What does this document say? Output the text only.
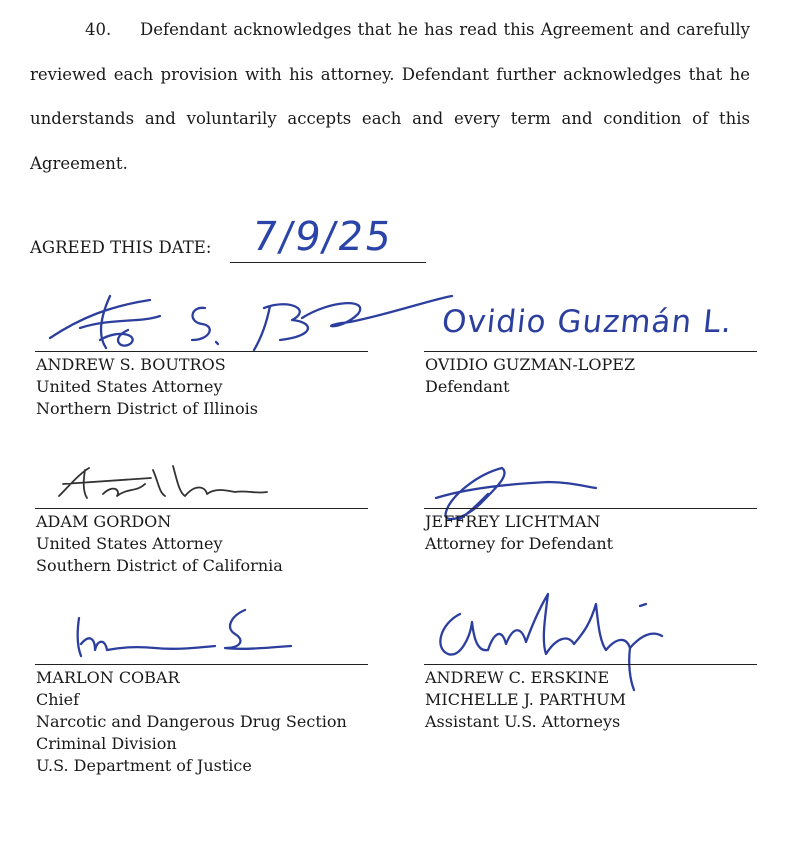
40. Defendant acknowledges that he has read this Agreement and carefully reviewed each provision with his attorney. Defendant further acknowledges that he understands and voluntarily accepts each and every term and condition of this Agreement.

AGREED THIS DATE: 7/9/25
ANDREW S. BOUTROS
United States Attorney
Northern District of Illinois
Ovidio Guzmán L.
OVIDIO GUZMAN-LOPEZ
Defendant
ADAM GORDON
United States Attorney
Southern District of California
JEFFREY LICHTMAN
Attorney for Defendant
MARLON COBAR
Chief
Narcotic and Dangerous Drug Section
Criminal Division
U.S. Department of Justice
ANDREW C. ERSKINE
MICHELLE J. PARTHUM
Assistant U.S. Attorneys
